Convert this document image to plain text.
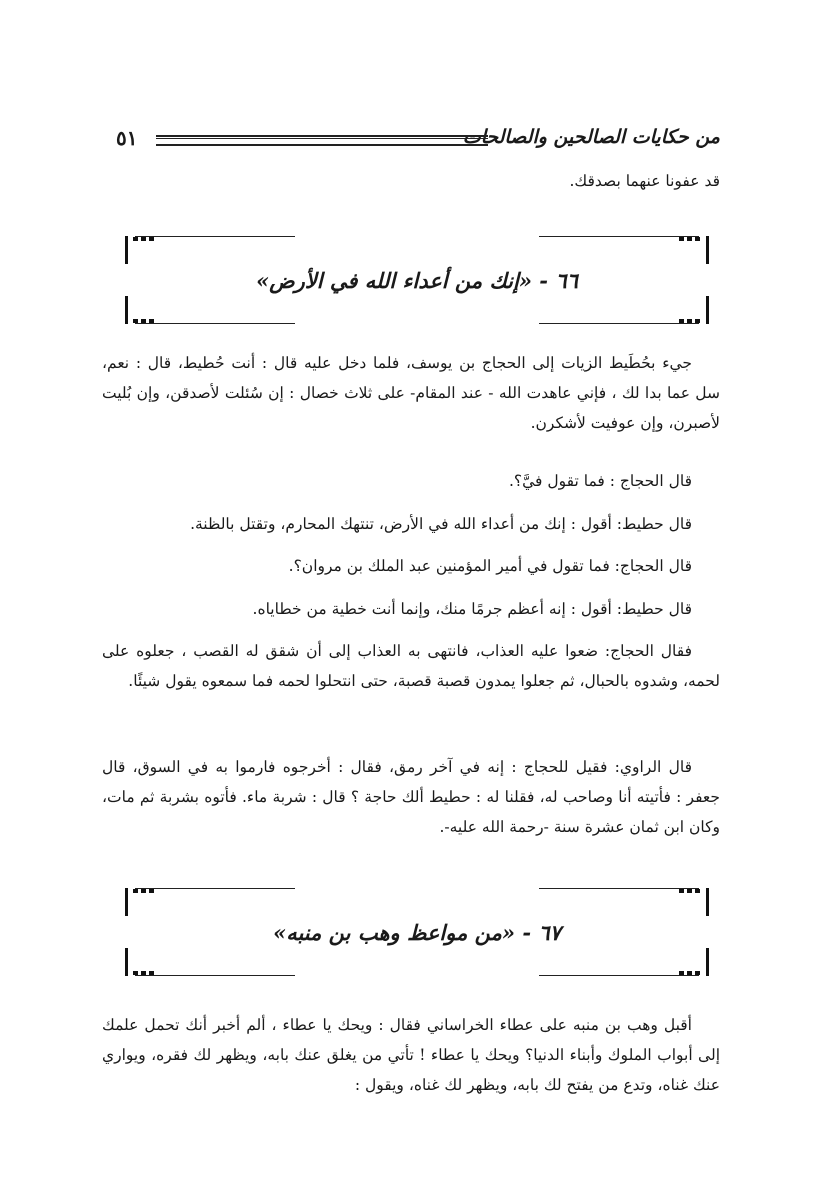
من حكايات الصالحين والصالحات
٥١

قد عفونا عنهما بصدقك.

٦٦ - «إنك من أعداء الله في الأرض»

جيء بحُطَيط الزيات إلى الحجاج بن يوسف، فلما دخل عليه قال : أنت حُطيط، قال : نعم، سل عما بدا لك ، فإني عاهدت الله - عند المقام- على ثلاث خصال : إن سُئلت لأصدقن، وإن بُليت لأصبرن، وإن عوفيت لأشكرن.

قال الحجاج : فما تقول فيَّ؟.

قال حطيط: أقول : إنك من أعداء الله في الأرض، تنتهك المحارم، وتقتل بالظنة.

قال الحجاج: فما تقول في أمير المؤمنين عبد الملك بن مروان؟.

قال حطيط: أقول : إنه أعظم جرمًا منك، وإنما أنت خطية من خطاياه.

فقال الحجاج: ضعوا عليه العذاب، فانتهى به العذاب إلى أن شقق له القصب ، جعلوه على لحمه، وشدوه بالحبال، ثم جعلوا يمدون قصبة قصبة، حتى انتحلوا لحمه فما سمعوه يقول شيئًا.

قال الراوي: فقيل للحجاج : إنه في آخر رمق، فقال : أخرجوه فارموا به في السوق، قال جعفر : فأتيته أنا وصاحب له، فقلنا له : حطيط ألك حاجة ؟ قال : شربة ماء. فأتوه بشربة ثم مات، وكان ابن ثمان عشرة سنة -رحمة الله عليه-.

٦٧ - «من مواعظ وهب بن منبه»

أقبل وهب بن منبه على عطاء الخراساني فقال : ويحك يا عطاء ، ألم أخبر أنك تحمل علمك إلى أبواب الملوك وأبناء الدنيا؟ ويحك يا عطاء ! تأتي من يغلق عنك بابه، ويظهر لك فقره، ويواري عنك غناه، وتدع من يفتح لك بابه، ويظهر لك غناه، ويقول :
